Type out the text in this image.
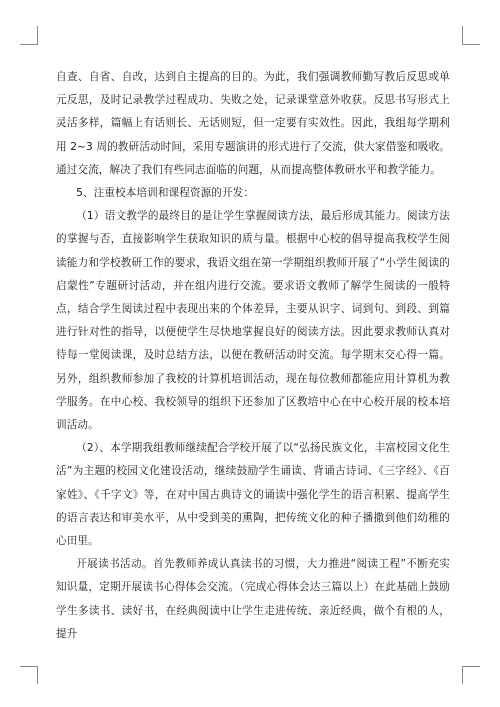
自查、自省、自改，达到自主提高的目的。为此，我们强调教师勤写教后反思或单元反思，及时记录教学过程成功、失败之处，记录课堂意外收获。反思书写形式上灵活多样，篇幅上有话则长、无话则短，但一定要有实效性。因此，我组每学期利用 2~3 周的教研活动时间，采用专题演讲的形式进行了交流，供大家借鉴和吸收。通过交流，解决了我们有些同志面临的问题，从而提高整体教研水平和教学能力。

5、注重校本培训和课程资源的开发：

（1）语文教学的最终目的是让学生掌握阅读方法，最后形成其能力。阅读方法的掌握与否，直接影响学生获取知识的质与量。根据中心校的倡导提高我校学生阅读能力和学校教研工作的要求，我语文组在第一学期组织教师开展了“小学生阅读的启蒙性”专题研讨活动，并在组内进行交流。要求语文教师了解学生阅读的一般特点，结合学生阅读过程中表现出来的个体差异，主要从识字、词到句、到段、到篇进行针对性的指导，以便使学生尽快地掌握良好的阅读方法。因此要求教师认真对待每一堂阅读课，及时总结方法，以便在教研活动时交流。每学期末交心得一篇。另外，组织教师参加了我校的计算机培训活动，现在每位教师都能应用计算机为教学服务。在中心校、我校领导的组织下还参加了区教培中心在中心校开展的校本培训活动。

（2）、本学期我组教师继续配合学校开展了以“弘扬民族文化，丰富校园文化生活”为主题的校园文化建设活动，继续鼓励学生诵读、背诵古诗词、《三字经》、《百家姓》、《千字文》等，在对中国古典诗文的诵读中强化学生的语言积累、提高学生的语言表达和审美水平，从中受到美的熏陶，把传统文化的种子播撒到他们幼稚的心田里。

开展读书活动。首先教师养成认真读书的习惯，大力推进“阅读工程”不断充实知识量，定期开展读书心得体会交流。（完成心得体会达三篇以上）在此基础上鼓励学生多读书、读好书，在经典阅读中让学生走进传统、亲近经典，做个有根的人，提升
